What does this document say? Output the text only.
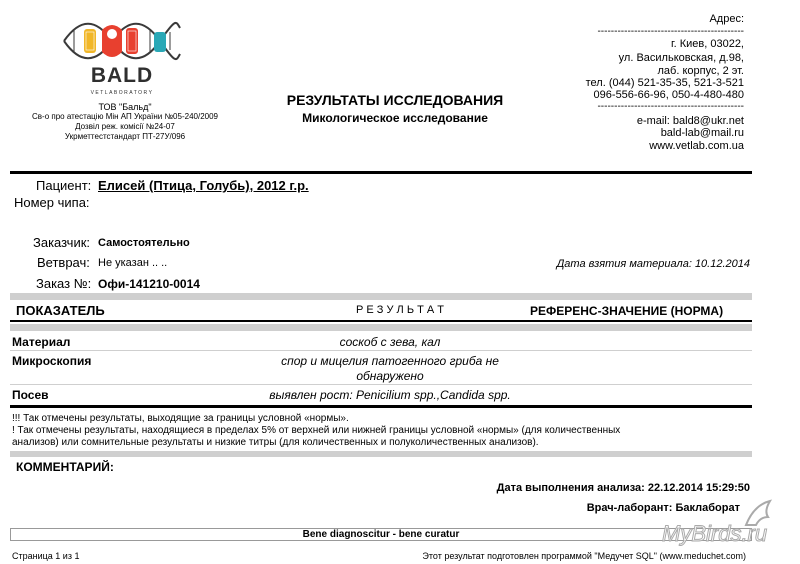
BALD
VETLABORATORY
ТОВ "Бальд"
Св-о про атестацію Мін АП України №05-240/2009
Дозвіл реж. комісії №24-07
Укрметтестстандарт ПТ-27У/096
РЕЗУЛЬТАТЫ ИССЛЕДОВАНИЯ
Микологическое исследование
Адрес:
--------------------------------------------
г. Киев, 03022,
ул. Васильковская, д.98,
лаб. корпус, 2 эт.
тел. (044) 521-35-35, 521-3-521
096-556-66-96, 050-4-480-480
--------------------------------------------
e-mail: bald8@ukr.net
bald-lab@mail.ru
www.vetlab.com.ua
Пациент: Елисей (Птица, Голубь), 2012 г.р.
Номер чипа:
Заказчик: Самостоятельно
Ветврач: Не указан .. ..	Дата взятия материала: 10.12.2014
Заказ №: Офи-141210-0014
ПОКАЗАТЕЛЬ	Р Е З У Л Ь Т А Т	РЕФЕРЕНС-ЗНАЧЕНИЕ (НОРМА)
Материал	соскоб с зева, кал
Микроскопия	спор и мицелия патогенного гриба не
обнаружено
Посев	выявлен рост: Penicilium spp.,Candida spp.
!!! Так отмечены результаты, выходящие за границы условной «нормы».
! Так отмечены результаты, находящиеся в пределах 5% от верхней или нижней границы условной «нормы» (для количественных
анализов) или сомнительные результаты и низкие титры (для количественных и полуколичественных анализов).
КОММЕНТАРИЙ:
Дата выполнения анализа: 22.12.2014 15:29:50
Врач-лаборант: Баклаборат
Bene diagnoscitur - bene curatur
Страница 1 из 1	Этот результат подготовлен программой "Медучет SQL" (www.meduchet.com)
MyBirds.ru
